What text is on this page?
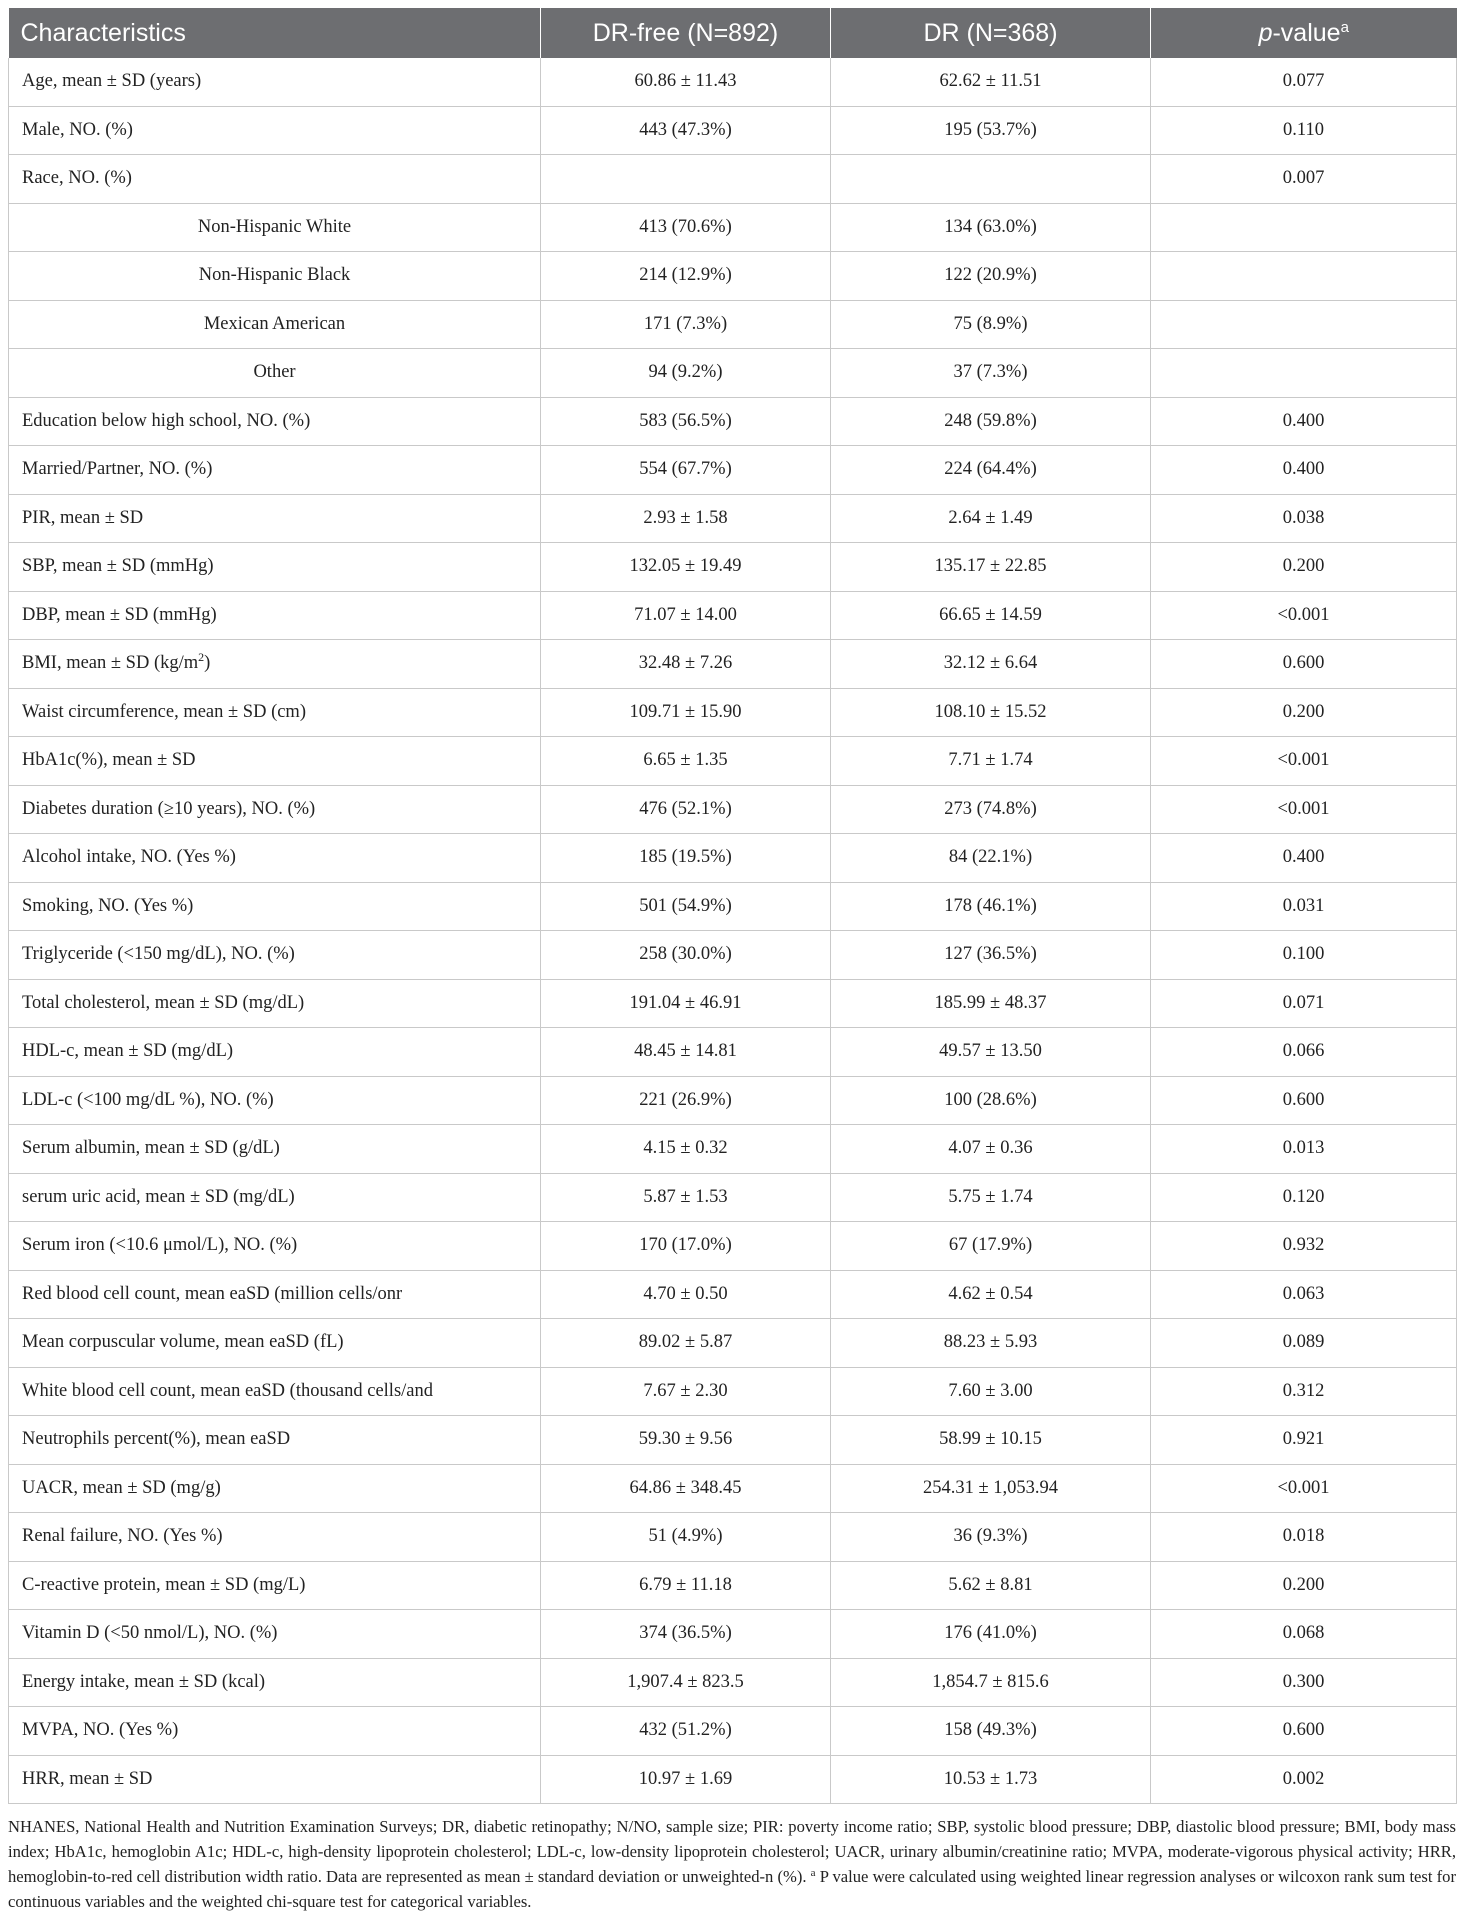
Characteristics	DR-free (N=892)	DR (N=368)	p-value$^a$
Age, mean ± SD (years)	60.86 ± 11.43	62.62 ± 11.51	0.077
Male, NO. (%)	443 (47.3%)	195 (53.7%)	0.110
Race, NO. (%)			0.007
Non-Hispanic White	413 (70.6%)	134 (63.0%)	
Non-Hispanic Black	214 (12.9%)	122 (20.9%)	
Mexican American	171 (7.3%)	75 (8.9%)	
Other	94 (9.2%)	37 (7.3%)	
Education below high school, NO. (%)	583 (56.5%)	248 (59.8%)	0.400
Married/Partner, NO. (%)	554 (67.7%)	224 (64.4%)	0.400
PIR, mean ± SD	2.93 ± 1.58	2.64 ± 1.49	0.038
SBP, mean ± SD (mmHg)	132.05 ± 19.49	135.17 ± 22.85	0.200
DBP, mean ± SD (mmHg)	71.07 ± 14.00	66.65 ± 14.59	<0.001
BMI, mean ± SD $(kg/m^2)$	32.48 ± 7.26	32.12 ± 6.64	0.600
Waist circumference, mean ± SD (cm)	109.71 ± 15.90	108.10 ± 15.52	0.200
HbA1c(%), mean ± SD	6.65 ± 1.35	7.71 ± 1.74	<0.001
Diabetes duration (≥10 years), NO. (%)	476 (52.1%)	273 (74.8%)	<0.001
Alcohol intake, NO. (Yes %)	185 (19.5%)	84 (22.1%)	0.400
Smoking, NO. (Yes %)	501 (54.9%)	178 (46.1%)	0.031
Triglyceride (<150 mg/dL), NO. (%)	258 (30.0%)	127 (36.5%)	0.100
Total cholesterol, mean ± SD (mg/dL)	191.04 ± 46.91	185.99 ± 48.37	0.071
HDL-c, mean ± SD (mg/dL)	48.45 ± 14.81	49.57 ± 13.50	0.066
LDL-c (<100 mg/dL %), NO. (%)	221 (26.9%)	100 (28.6%)	0.600
Serum albumin, mean ± SD (g/dL)	4.15 ± 0.32	4.07 ± 0.36	0.013
serum uric acid, mean ± SD (mg/dL)	5.87 ± 1.53	5.75 ± 1.74	0.120
Serum iron (<10.6 μmol/L), NO. (%)	170 (17.0%)	67 (17.9%)	0.932
Red blood cell count, mean eaSD (million cells/onr	4.70 ± 0.50	4.62 ± 0.54	0.063
Mean corpuscular volume, mean eaSD (fL)	89.02 ± 5.87	88.23 ± 5.93	0.089
White blood cell count, mean eaSD (thousand cells/and	7.67 ± 2.30	7.60 ± 3.00	0.312
Neutrophils percent(%), mean eaSD	59.30 ± 9.56	58.99 ± 10.15	0.921
UACR, mean ± SD (mg/g)	64.86 ± 348.45	254.31 ± 1,053.94	<0.001
Renal failure, NO. (Yes %)	51 (4.9%)	36 (9.3%)	0.018
C-reactive protein, mean ± SD (mg/L)	6.79 ± 11.18	5.62 ± 8.81	0.200
Vitamin D (<50 nmol/L), NO. (%)	374 (36.5%)	176 (41.0%)	0.068
Energy intake, mean ± SD (kcal)	1,907.4 ± 823.5	1,854.7 ± 815.6	0.300
MVPA, NO. (Yes %)	432 (51.2%)	158 (49.3%)	0.600
HRR, mean ± SD	10.97 ± 1.69	10.53 ± 1.73	0.002
NHANES, National Health and Nutrition Examination Surveys; DR, diabetic retinopathy; N/NO, sample size; PIR: poverty income ratio; SBP, systolic blood pressure; DBP, diastolic blood pressure; BMI, body mass index; HbA1c, hemoglobin A1c; HDL-c, high-density lipoprotein cholesterol; LDL-c, low-density lipoprotein cholesterol; UACR, urinary albumin/creatinine ratio; MVPA, moderate-vigorous physical activity; HRR, hemoglobin-to-red cell distribution width ratio. Data are represented as mean ± standard deviation or unweighted-n (%). $^a$ P value were calculated using weighted linear regression analyses or wilcoxon rank sum test for continuous variables and the weighted chi-square test for categorical variables.
